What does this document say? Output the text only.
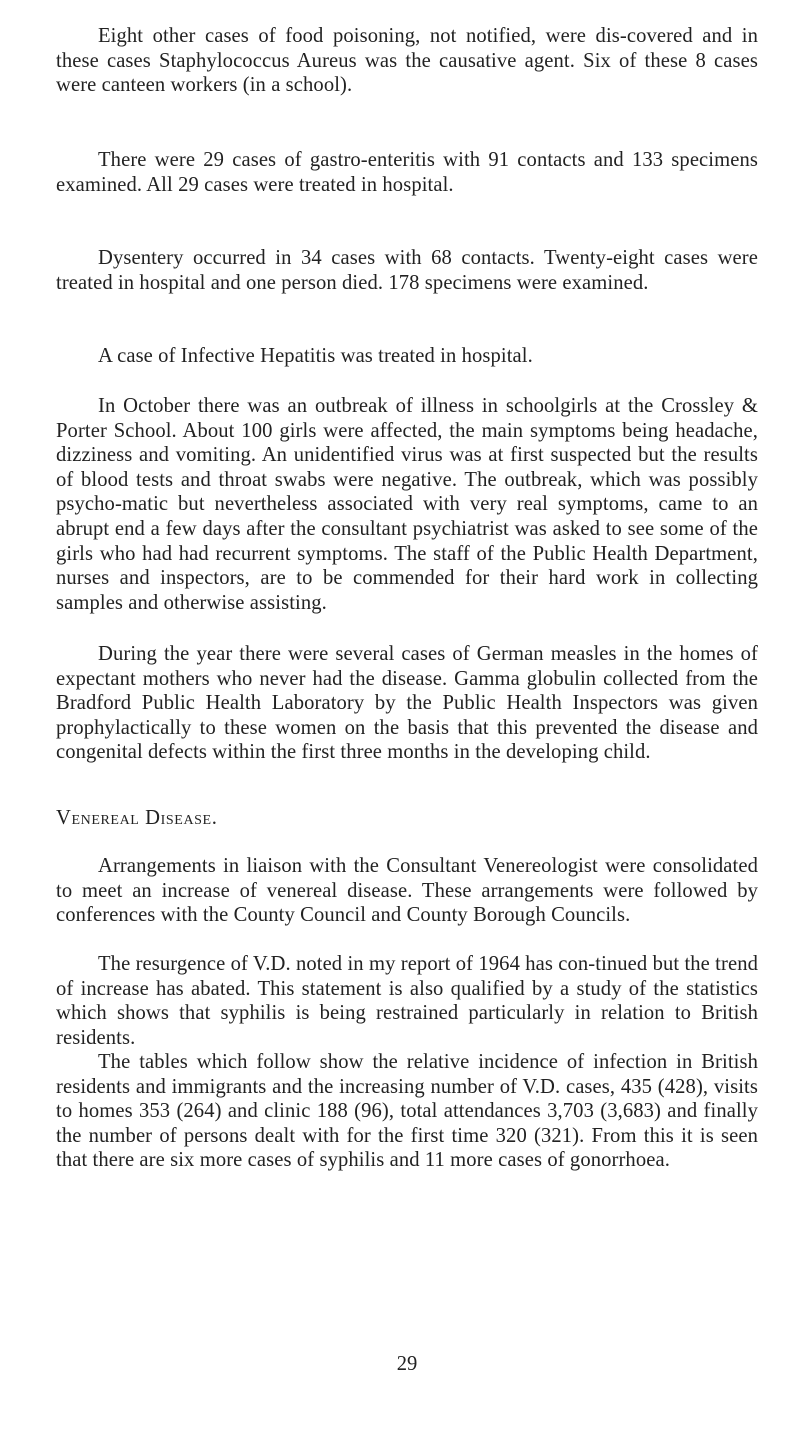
Eight other cases of food poisoning, not notified, were dis-covered and in these cases Staphylococcus Aureus was the causative agent. Six of these 8 cases were canteen workers (in a school).

There were 29 cases of gastro-enteritis with 91 contacts and 133 specimens examined. All 29 cases were treated in hospital.

Dysentery occurred in 34 cases with 68 contacts. Twenty-eight cases were treated in hospital and one person died. 178 specimens were examined.

A case of Infective Hepatitis was treated in hospital.

In October there was an outbreak of illness in schoolgirls at the Crossley & Porter School. About 100 girls were affected, the main symptoms being headache, dizziness and vomiting. An unidentified virus was at first suspected but the results of blood tests and throat swabs were negative. The outbreak, which was possibly psycho-matic but nevertheless associated with very real symptoms, came to an abrupt end a few days after the consultant psychiatrist was asked to see some of the girls who had had recurrent symptoms. The staff of the Public Health Department, nurses and inspectors, are to be commended for their hard work in collecting samples and otherwise assisting.

During the year there were several cases of German measles in the homes of expectant mothers who never had the disease. Gamma globulin collected from the Bradford Public Health Laboratory by the Public Health Inspectors was given prophylactically to these women on the basis that this prevented the disease and congenital defects within the first three months in the developing child.

Venereal Disease.

Arrangements in liaison with the Consultant Venereologist were consolidated to meet an increase of venereal disease. These arrangements were followed by conferences with the County Council and County Borough Councils.

The resurgence of V.D. noted in my report of 1964 has con-tinued but the trend of increase has abated. This statement is also qualified by a study of the statistics which shows that syphilis is being restrained particularly in relation to British residents.

The tables which follow show the relative incidence of infection in British residents and immigrants and the increasing number of V.D. cases, 435 (428), visits to homes 353 (264) and clinic 188 (96), total attendances 3,703 (3,683) and finally the number of persons dealt with for the first time 320 (321). From this it is seen that there are six more cases of syphilis and 11 more cases of gonorrhoea.

29
